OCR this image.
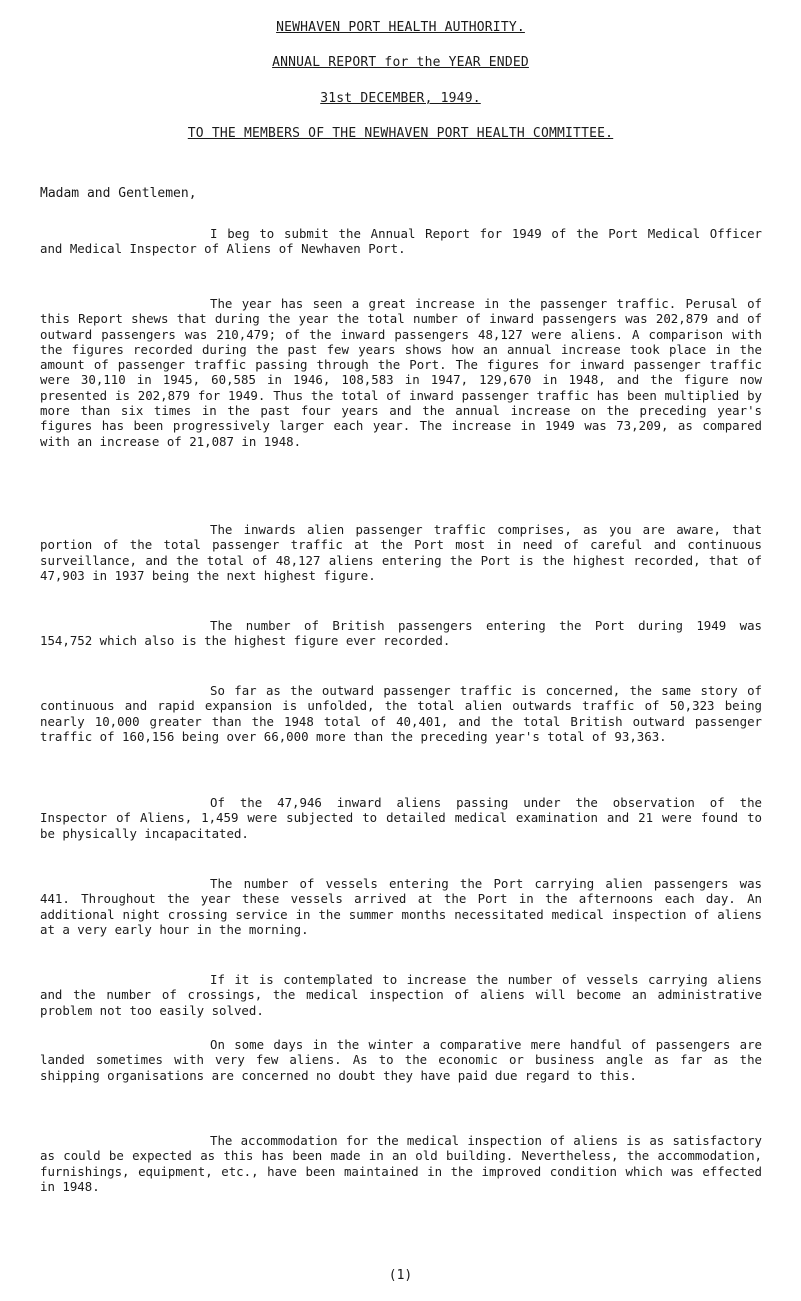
NEWHAVEN PORT HEALTH AUTHORITY.
ANNUAL REPORT for the YEAR ENDED
31st DECEMBER, 1949.
TO THE MEMBERS OF THE NEWHAVEN PORT HEALTH COMMITTEE.
Madam and Gentlemen,

I beg to submit the Annual Report for 1949 of the Port Medical Officer and Medical Inspector of Aliens of Newhaven Port.

The year has seen a great increase in the passenger traffic. Perusal of this Report shews that during the year the total number of inward passengers was 202,879 and of outward passengers was 210,479; of the inward passengers 48,127 were aliens. A comparison with the figures recorded during the past few years shows how an annual increase took place in the amount of passenger traffic passing through the Port. The figures for inward passenger traffic were 30,110 in 1945, 60,585 in 1946, 108,583 in 1947, 129,670 in 1948, and the figure now presented is 202,879 for 1949. Thus the total of inward passenger traffic has been multiplied by more than six times in the past four years and the annual increase on the preceding year's figures has been progressively larger each year. The increase in 1949 was 73,209, as compared with an increase of 21,087 in 1948.

The inwards alien passenger traffic comprises, as you are aware, that portion of the total passenger traffic at the Port most in need of careful and continuous surveillance, and the total of 48,127 aliens entering the Port is the highest recorded, that of 47,903 in 1937 being the next highest figure.

The number of British passengers entering the Port during 1949 was 154,752 which also is the highest figure ever recorded.

So far as the outward passenger traffic is concerned, the same story of continuous and rapid expansion is unfolded, the total alien outwards traffic of 50,323 being nearly 10,000 greater than the 1948 total of 40,401, and the total British outward passenger traffic of 160,156 being over 66,000 more than the preceding year's total of 93,363.

Of the 47,946 inward aliens passing under the observation of the Inspector of Aliens, 1,459 were subjected to detailed medical examination and 21 were found to be physically incapacitated.

The number of vessels entering the Port carrying alien passengers was 441. Throughout the year these vessels arrived at the Port in the afternoons each day. An additional night crossing service in the summer months necessitated medical inspection of aliens at a very early hour in the morning.

If it is contemplated to increase the number of vessels carrying aliens and the number of crossings, the medical inspection of aliens will become an administrative problem not too easily solved.

On some days in the winter a comparative mere handful of passengers are landed sometimes with very few aliens. As to the economic or business angle as far as the shipping organisations are concerned no doubt they have paid due regard to this.

The accommodation for the medical inspection of aliens is as satisfactory as could be expected as this has been made in an old building. Nevertheless, the accommodation, furnishings, equipment, etc., have been maintained in the improved condition which was effected in 1948.

(1)
